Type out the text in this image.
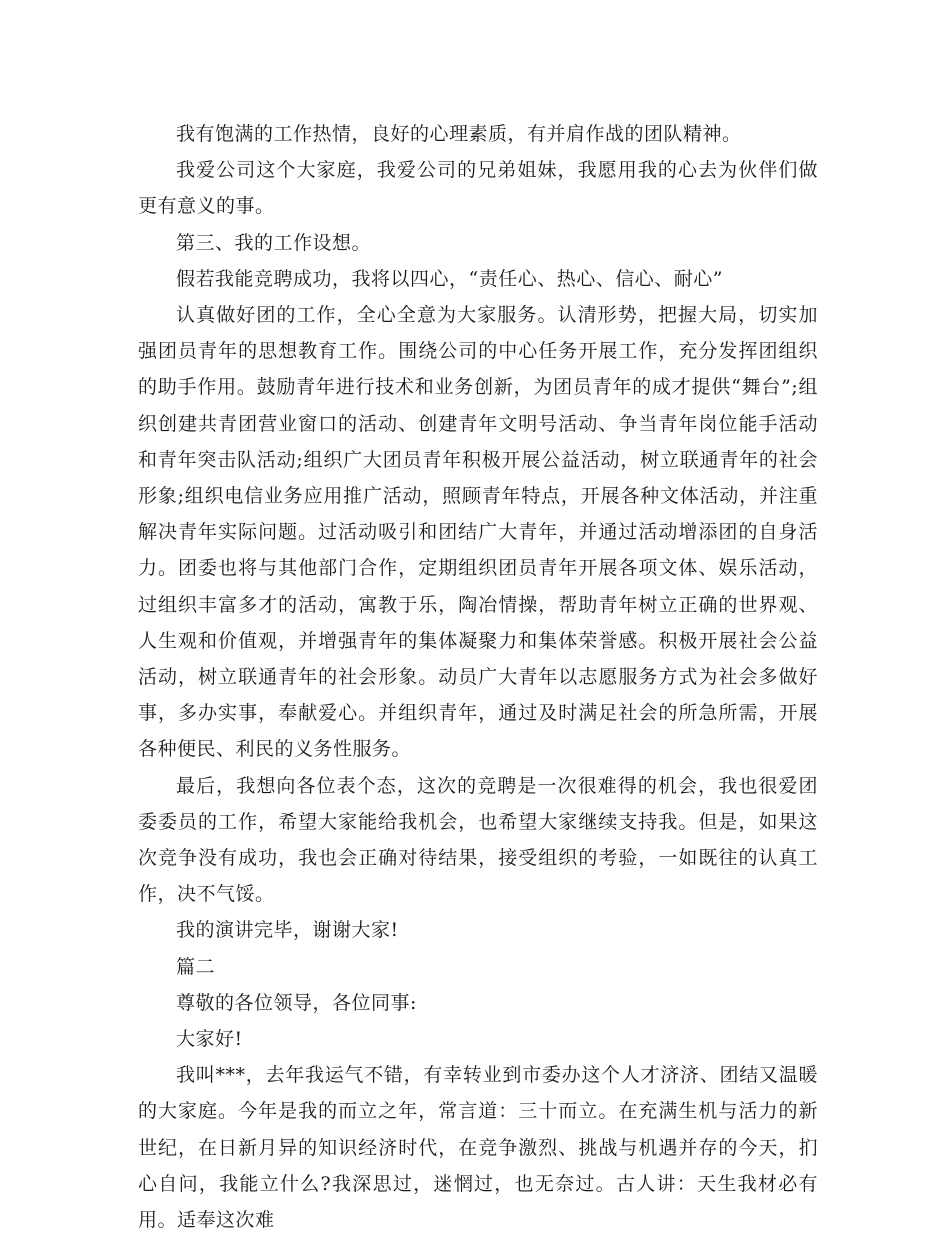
我有饱满的工作热情，良好的心理素质，有并肩作战的团队精神。

我爱公司这个大家庭，我爱公司的兄弟姐妹，我愿用我的心去为伙伴们做更有意义的事。

第三、我的工作设想。

假若我能竞聘成功，我将以四心，“责任心、热心、信心、耐心”

认真做好团的工作，全心全意为大家服务。认清形势，把握大局，切实加强团员青年的思想教育工作。围绕公司的中心任务开展工作，充分发挥团组织的助手作用。鼓励青年进行技术和业务创新，为团员青年的成才提供“舞台”;组织创建共青团营业窗口的活动、创建青年文明号活动、争当青年岗位能手活动和青年突击队活动;组织广大团员青年积极开展公益活动，树立联通青年的社会形象;组织电信业务应用推广活动，照顾青年特点，开展各种文体活动，并注重解决青年实际问题。过活动吸引和团结广大青年，并通过活动增添团的自身活力。团委也将与其他部门合作，定期组织团员青年开展各项文体、娱乐活动，过组织丰富多才的活动，寓教于乐，陶冶情操，帮助青年树立正确的世界观、人生观和价值观，并增强青年的集体凝聚力和集体荣誉感。积极开展社会公益活动，树立联通青年的社会形象。动员广大青年以志愿服务方式为社会多做好事，多办实事，奉献爱心。并组织青年，通过及时满足社会的所急所需，开展各种便民、利民的义务性服务。

最后，我想向各位表个态，这次的竞聘是一次很难得的机会，我也很爱团委委员的工作，希望大家能给我机会，也希望大家继续支持我。但是，如果这次竞争没有成功，我也会正确对待结果，接受组织的考验，一如既往的认真工作，决不气馁。

我的演讲完毕，谢谢大家!

篇二

尊敬的各位领导，各位同事:

大家好!

我叫***，去年我运气不错，有幸转业到市委办这个人才济济、团结又温暖的大家庭。今年是我的而立之年，常言道：三十而立。在充满生机与活力的新世纪，在日新月异的知识经济时代，在竞争激烈、挑战与机遇并存的今天，扪心自问，我能立什么?我深思过，迷惘过，也无奈过。古人讲：天生我材必有用。适奉这次难
